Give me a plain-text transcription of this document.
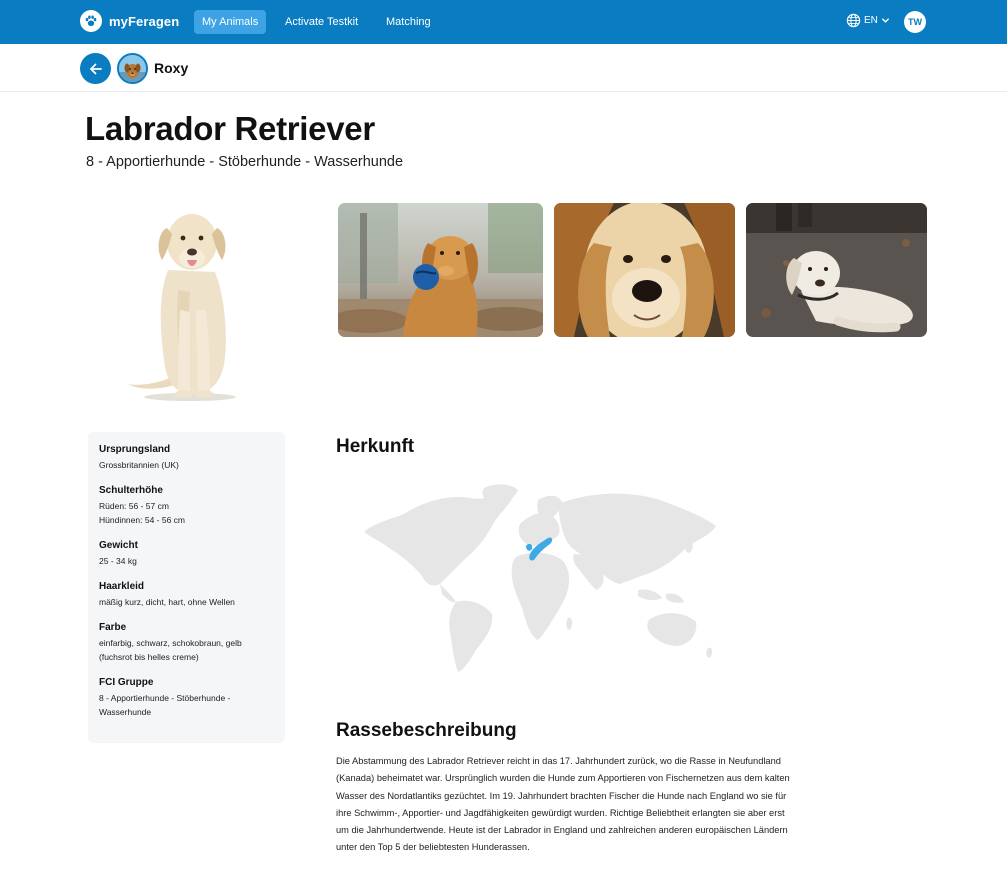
myFeragen	My Animals	Activate Testkit	Matching	EN	TW
Roxy
Labrador Retriever
8 - Apportierhunde - Stöberhunde - Wasserhunde
Ursprungsland
Grossbritannien (UK)
Schulterhöhe
Rüden: 56 - 57 cm
Hündinnen: 54 - 56 cm
Gewicht
25 - 34 kg
Haarkleid
mäßig kurz, dicht, hart, ohne Wellen
Farbe
einfarbig, schwarz, schokobraun, gelb
(fuchsrot bis helles creme)
FCI Gruppe
8 - Apportierhunde - Stöberhunde -
Wasserhunde
Herkunft
Rassebeschreibung
Die Abstammung des Labrador Retriever reicht in das 17. Jahrhundert zurück, wo die Rasse in Neufundland
(Kanada) beheimatet war. Ursprünglich wurden die Hunde zum Apportieren von Fischernetzen aus dem kalten
Wasser des Nordatlantiks gezüchtet. Im 19. Jahrhundert brachten Fischer die Hunde nach England wo sie für
ihre Schwimm-, Apportier- und Jagdfähigkeiten gewürdigt wurden. Richtige Beliebtheit erlangten sie aber erst
um die Jahrhundertwende. Heute ist der Labrador in England und zahlreichen anderen europäischen Ländern
unter den Top 5 der beliebtesten Hunderassen.
